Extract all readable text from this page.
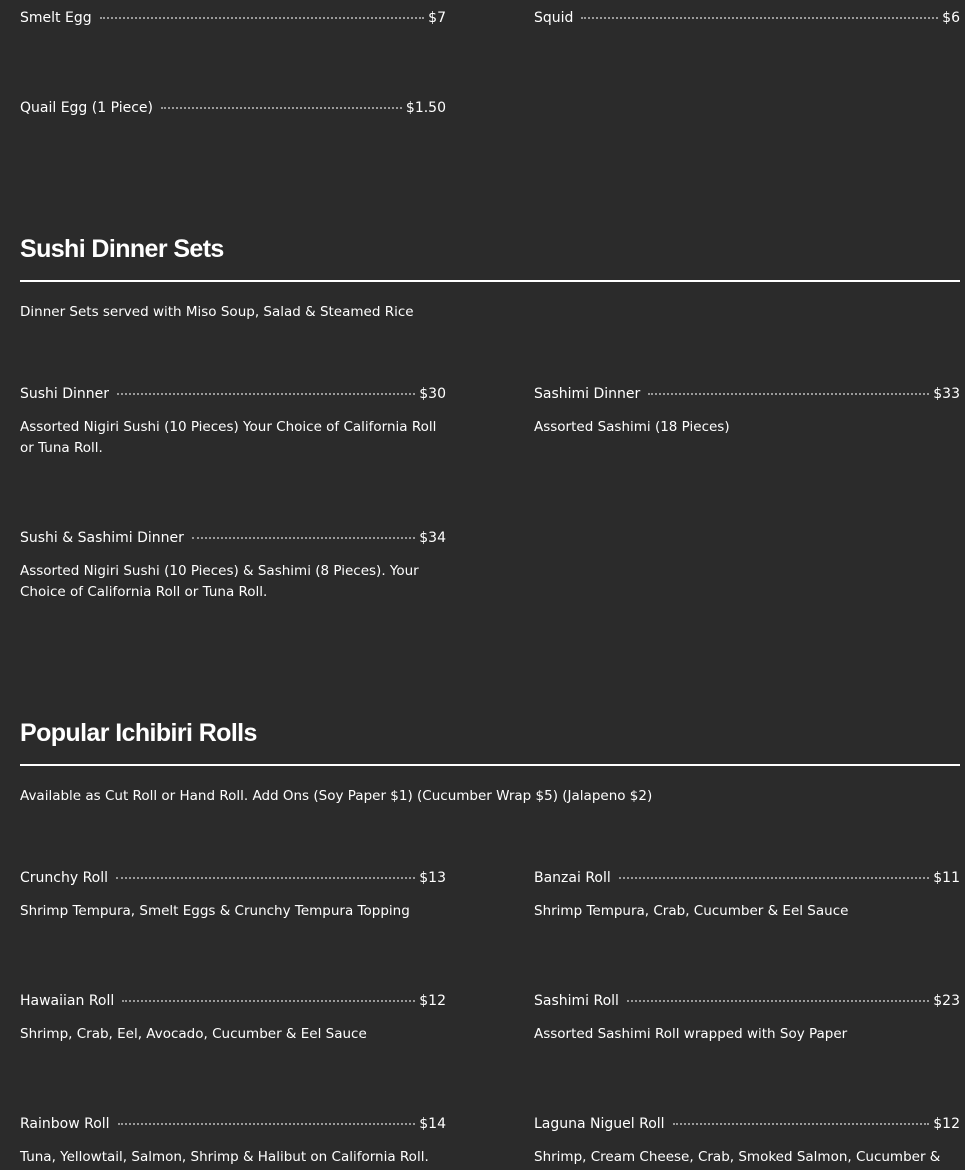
Smelt Egg	$7	Squid	$6
Quail Egg (1 Piece)	$1.50
Sushi Dinner Sets
Dinner Sets served with Miso Soup, Salad & Steamed Rice
Sushi Dinner	$30
Assorted Nigiri Sushi (10 Pieces) Your Choice of California Roll or Tuna Roll.
Sashimi Dinner	$33
Assorted Sashimi (18 Pieces)
Sushi & Sashimi Dinner	$34
Assorted Nigiri Sushi (10 Pieces) & Sashimi (8 Pieces). Your Choice of California Roll or Tuna Roll.
Popular Ichibiri Rolls
Available as Cut Roll or Hand Roll. Add Ons (Soy Paper $1) (Cucumber Wrap $5) (Jalapeno $2)
Crunchy Roll	$13
Shrimp Tempura, Smelt Eggs & Crunchy Tempura Topping
Banzai Roll	$11
Shrimp Tempura, Crab, Cucumber & Eel Sauce
Hawaiian Roll	$12
Shrimp, Crab, Eel, Avocado, Cucumber & Eel Sauce
Sashimi Roll	$23
Assorted Sashimi Roll wrapped with Soy Paper
Rainbow Roll	$14
Tuna, Yellowtail, Salmon, Shrimp & Halibut on California Roll.
Laguna Niguel Roll	$12
Shrimp, Cream Cheese, Crab, Smoked Salmon, Cucumber &
